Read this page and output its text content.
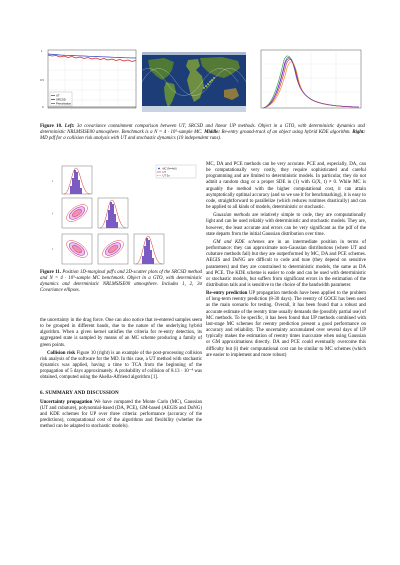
1
0.5
0
UT
SRCSD
Perturbation
Figure 10. Left: 3σ covariance containment comparison between UT, SRCSD and linear UP methods. Object in a GTO, with deterministic dynamics and deterministic NRLMSISE00 atmosphere. Benchmark is a N = 4 · 10⁵-sample MC. Middle: Re-entry ground-track of an object using hybrid KDE algorithm. Right: MD pdf for a collision risk analysis with UT and stochastic dynamics (10 independent runs).
MC (N=4e5)
UT
UT 3σ
x
y
z
Figure 11. Position 1D-marginal pdf's and 2D-scatter plots of the SRCSD method and N = 4 · 10⁵-sample MC benchmark. Object in a GTO, with deterministic dynamics and deterministic NRLMSISE00 atmosphere. Includes 1, 2, 3σ Covariance ellipses.

the uncertainty in the drag force. One can also notice that re-entered samples seem to be grouped in different bands, due to the nature of the underlying hybrid algorithm. When a given kernel satisfies the criteria for re-entry detection, its aggregated state is sampled by means of an MC scheme producing a family of green points.

Collision risk Figure 10 (right) is an example of the post-processing collision risk analysis of the software for the MD. In this case, a UT method with stochastic dynamics was applied, having a time to TCA from the beginning of the propagation of 5 days approximately. A probability of collision of 8.13 · 10⁻⁴ was obtained, computed using the Akella-Alfriend algorithm [1].

6. SUMMARY AND DISCUSSION

Uncertainty propagation We have compared the Monte Carlo (MC), Gaussian (UT and cubature), polynomial-based (DA, PCE), GM-based (AEGIS and DoNG) and KDE schemes for UP over three criteria: performance (accuracy of the predictions), computational cost of the algorithms and flexibility (whether the method can be adapted to stochastic models).

MC, DA and PCE methods can be very accurate. PCE and, especially, DA, can be computationally very costly, they require sophisticated and careful programming and are limited to deterministic models. In particular, they do not admit a random drag or a proper SDE in (1) with G(X, t) ≠ 0. While MC is arguably the method with the higher computational cost, it can attain asymptotically optimal accuracy (and so we use it for benchmarking), it is easy to code, straightforward to parallelize (which reduces runtimes drastically) and can be applied to all kinds of models, deterministic or stochastic.

Gaussian methods are relatively simple to code, they are computationally light and can be used reliably with deterministic and stochastic models. They are, however, the least accurate and errors can be very significant as the pdf of the state departs from the initial Gaussian distribution over time.

GM and KDE schemes are in an intermediate position in terms of performance: they can approximate non-Gaussian distributions (where UT and cubature methods fail) but they are outperformed by MC, DA and PCE schemes. AEGIS and DoNG are difficult to code and tune (they depend on sensitive parameters) and they are constrained to deterministic models, the same as DA and PCE. The KDE scheme is easier to code and can be used with deterministic or stochastic models, but suffers from significant errors in the estimation of the distribution tails and is sensitive to the choice of the bandwidth parameter.

Re-entry prediction UP propagation methods have been applied to the problem of long-term reentry prediction (8-30 days). The reentry of GOCE has been used as the main scenario for testing. Overall, it has been found that a robust and accurate estimate of the reentry time usually demands the (possibly partial use) of MC methods. To be specific, it has been found that UP methods combined with last-stage MC schemes for reentry prediction present a good performance on accuracy and reliability. The uncertainty accumulated over several days of UP typically makes the estimation of reentry times inaccurate when using Gaussian or GM approximations directly. DA and PCE could eventually overcome this difficulty but (i) their computational cost can be similar to MC schemes (which are easier to implement and more robust)
